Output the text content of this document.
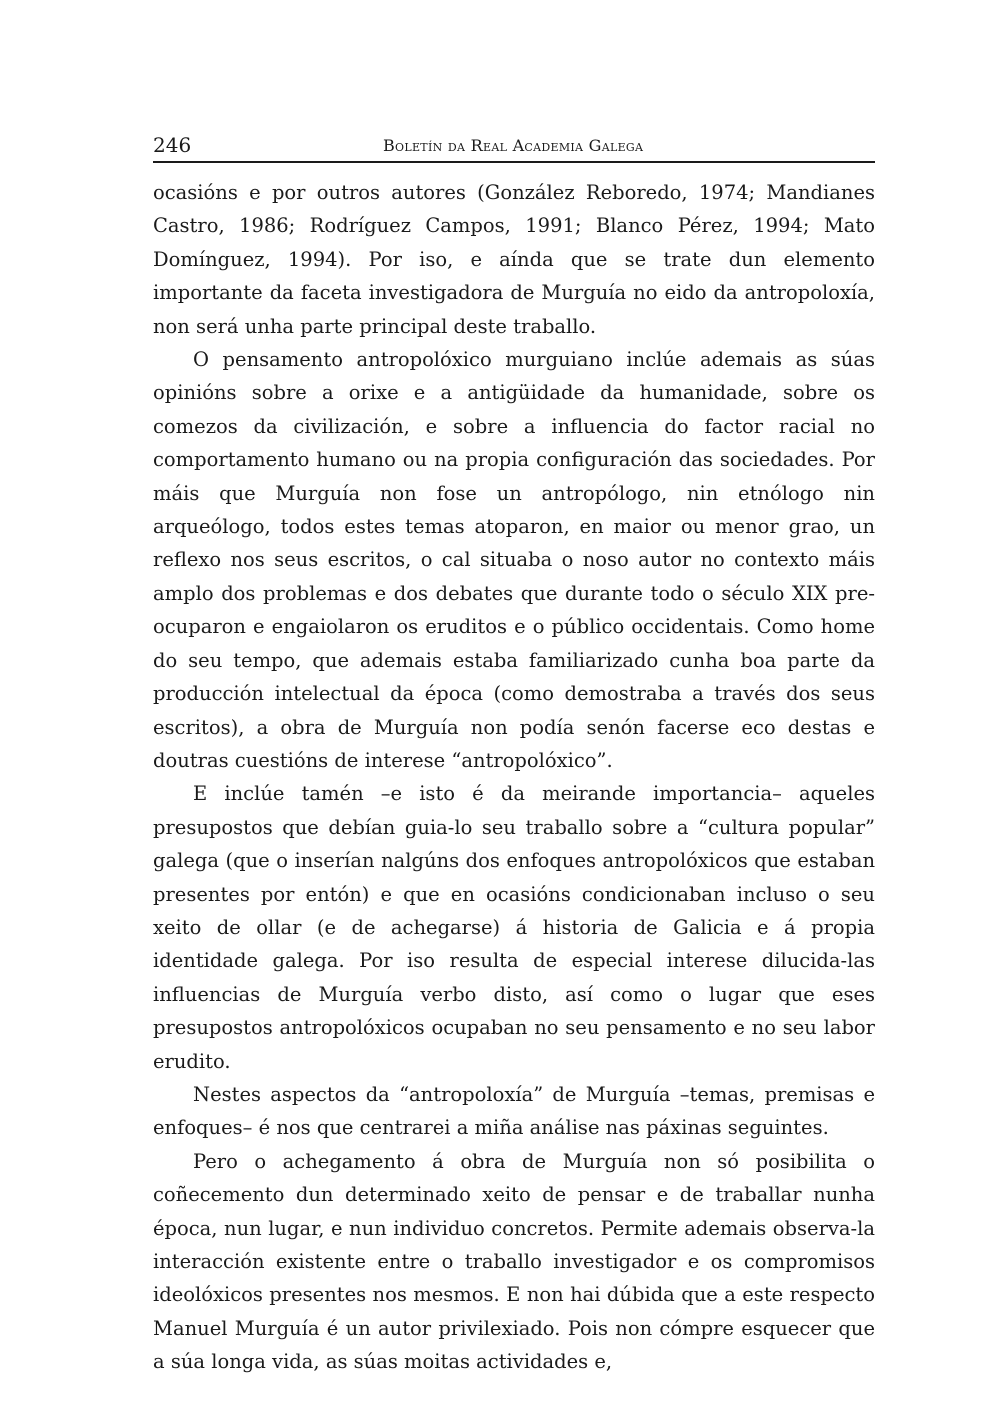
246	Boletín da Real Academia Galega

ocasións e por outros autores (González Reboredo, 1974; Mandianes Castro, 1986; Rodríguez Campos, 1991; Blanco Pérez, 1994; Mato Domínguez, 1994). Por iso, e aínda que se trate dun elemento importante da faceta investigadora de Murguía no eido da antropoloxía, non será unha parte principal deste traballo.

O pensamento antropolóxico murguiano inclúe ademais as súas opinións sobre a orixe e a antigüidade da humanidade, sobre os comezos da civilización, e sobre a influencia do factor racial no comportamento humano ou na propia configuración das sociedades. Por máis que Murguía non fose un antropólogo, nin etnólogo nin arqueólogo, todos estes temas atoparon, en maior ou menor grao, un reflexo nos seus escritos, o cal situaba o noso autor no contexto máis amplo dos problemas e dos debates que durante todo o século XIX preocuparon e engaiolaron os eruditos e o público occidentais. Como home do seu tempo, que ademais estaba familiarizado cunha boa parte da producción intelectual da época (como demostraba a través dos seus escritos), a obra de Murguía non podía senón facerse eco destas e doutras cuestións de interese “antropolóxico”.

E inclúe tamén –e isto é da meirande importancia– aqueles presupostos que debían guia-lo seu traballo sobre a “cultura popular” galega (que o inserían nalgúns dos enfoques antropolóxicos que estaban presentes por entón) e que en ocasións condicionaban incluso o seu xeito de ollar (e de achegarse) á historia de Galicia e á propia identidade galega. Por iso resulta de especial interese dilucida-las influencias de Murguía verbo disto, así como o lugar que eses presupostos antropolóxicos ocupaban no seu pensamento e no seu labor erudito.

Nestes aspectos da “antropoloxía” de Murguía –temas, premisas e enfoques– é nos que centrarei a miña análise nas páxinas seguintes.

Pero o achegamento á obra de Murguía non só posibilita o coñecemento dun determinado xeito de pensar e de traballar nunha época, nun lugar, e nun individuo concretos. Permite ademais observa-la interacción existente entre o traballo investigador e os compromisos ideolóxicos presentes nos mesmos. E non hai dúbida que a este respecto Manuel Murguía é un autor privilexiado. Pois non cómpre esquecer que a súa longa vida, as súas moitas actividades e,
